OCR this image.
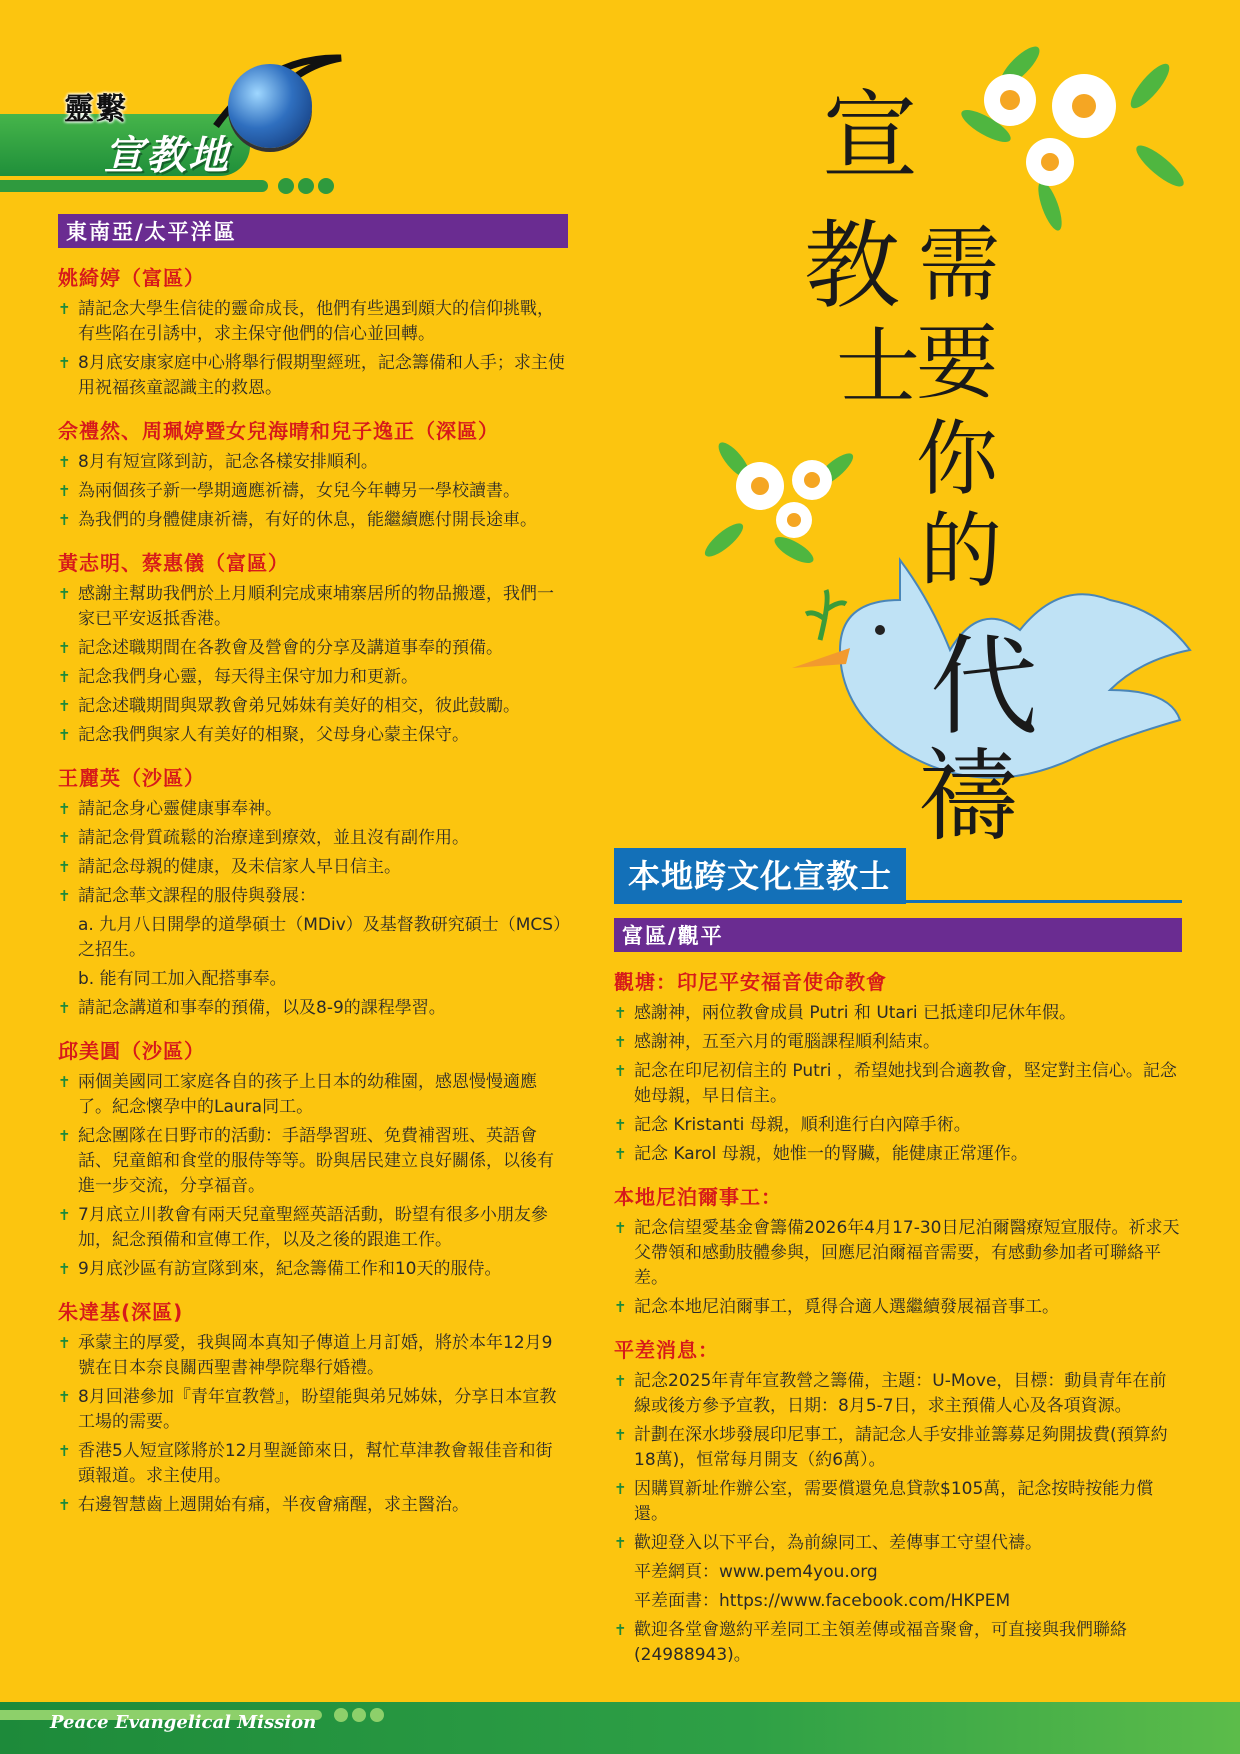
靈繫
宣教地	宣
教
士
需
要
你
的
代
禱
東南亞/太平洋區
姚綺婷（富區）
✝ 請記念大學生信徒的靈命成長，他們有些遇到頗大的信仰挑戰，有些陷在引誘中，求主保守他們的信心並回轉。
✝ 8月底安康家庭中心將舉行假期聖經班，記念籌備和人手；求主使用祝福孩童認識主的救恩。
佘禮然、周珮婷暨女兒海晴和兒子逸正（深區）
✝ 8月有短宣隊到訪，記念各樣安排順利。
✝ 為兩個孩子新一學期適應祈禱，女兒今年轉另一學校讀書。
✝ 為我們的身體健康祈禱，有好的休息，能繼續應付開長途車。
黃志明、蔡惠儀（富區）
✝ 感謝主幫助我們於上月順利完成柬埔寨居所的物品搬遷，我們一家已平安返抵香港。
✝ 記念述職期間在各教會及營會的分享及講道事奉的預備。
✝ 記念我們身心靈，每天得主保守加力和更新。
✝ 記念述職期間與眾教會弟兄姊妹有美好的相交，彼此鼓勵。
✝ 記念我們與家人有美好的相聚，父母身心蒙主保守。
王麗英（沙區）
✝ 請記念身心靈健康事奉神。
✝ 請記念骨質疏鬆的治療達到療效，並且沒有副作用。
✝ 請記念母親的健康，及未信家人早日信主。
✝ 請記念華文課程的服侍與發展：
a. 九月八日開學的道學碩士（MDiv）及基督教研究碩士（MCS）之招生。
b. 能有同工加入配搭事奉。
✝ 請記念講道和事奉的預備，以及8-9的課程學習。
邱美圓（沙區）
✝ 兩個美國同工家庭各自的孩子上日本的幼稚園，感恩慢慢適應了。紀念懷孕中的Laura同工。
✝ 紀念團隊在日野市的活動：手語學習班、免費補習班、英語會話、兒童館和食堂的服侍等等。盼與居民建立良好關係，以後有進一步交流，分享福音。
✝ 7月底立川教會有兩天兒童聖經英語活動，盼望有很多小朋友參加，紀念預備和宣傳工作，以及之後的跟進工作。
✝ 9月底沙區有訪宣隊到來，紀念籌備工作和10天的服侍。
朱達基(深區)
✝ 承蒙主的厚愛，我與岡本真知子傳道上月訂婚，將於本年12月9號在日本奈良關西聖書神學院舉行婚禮。
✝ 8月回港參加『青年宣教營』，盼望能與弟兄姊妹，分享日本宣教工場的需要。
✝ 香港5人短宣隊將於12月聖誕節來日，幫忙草津教會報佳音和街頭報道。求主使用。
✝ 右邊智慧齒上週開始有痛，半夜會痛醒，求主醫治。
本地跨文化宣教士
富區/觀平
觀塘：印尼平安福音使命教會
✝ 感謝神，兩位教會成員 Putri 和 Utari 已抵達印尼休年假。
✝ 感謝神，五至六月的電腦課程順利結束。
✝ 記念在印尼初信主的 Putri ，希望她找到合適教會，堅定對主信心。記念她母親，早日信主。
✝ 記念 Kristanti 母親，順利進行白內障手術。
✝ 記念 Karol 母親，她惟一的腎臟，能健康正常運作。
本地尼泊爾事工：
✝ 記念信望愛基金會籌備2026年4月17-30日尼泊爾醫療短宣服侍。祈求天父帶領和感動肢體參與，回應尼泊爾福音需要，有感動參加者可聯絡平差。
✝ 記念本地尼泊爾事工，覓得合適人選繼續發展福音事工。
平差消息：
✝ 記念2025年青年宣教營之籌備，主題：U-Move，目標：動員青年在前線或後方參予宣教，日期：8月5-7日，求主預備人心及各項資源。
✝ 計劃在深水埗發展印尼事工，請記念人手安排並籌募足夠開拔費(預算約18萬)，恒常每月開支（約6萬）。
✝ 因購買新址作辦公室，需要償還免息貸款$105萬，記念按時按能力償還。
✝ 歡迎登入以下平台，為前線同工、差傳事工守望代禱。
平差網頁：www.pem4you.org
平差面書：https://www.facebook.com/HKPEM
✝ 歡迎各堂會邀約平差同工主領差傳或福音聚會，可直接與我們聯絡(24988943)。
Peace Evangelical Mission
